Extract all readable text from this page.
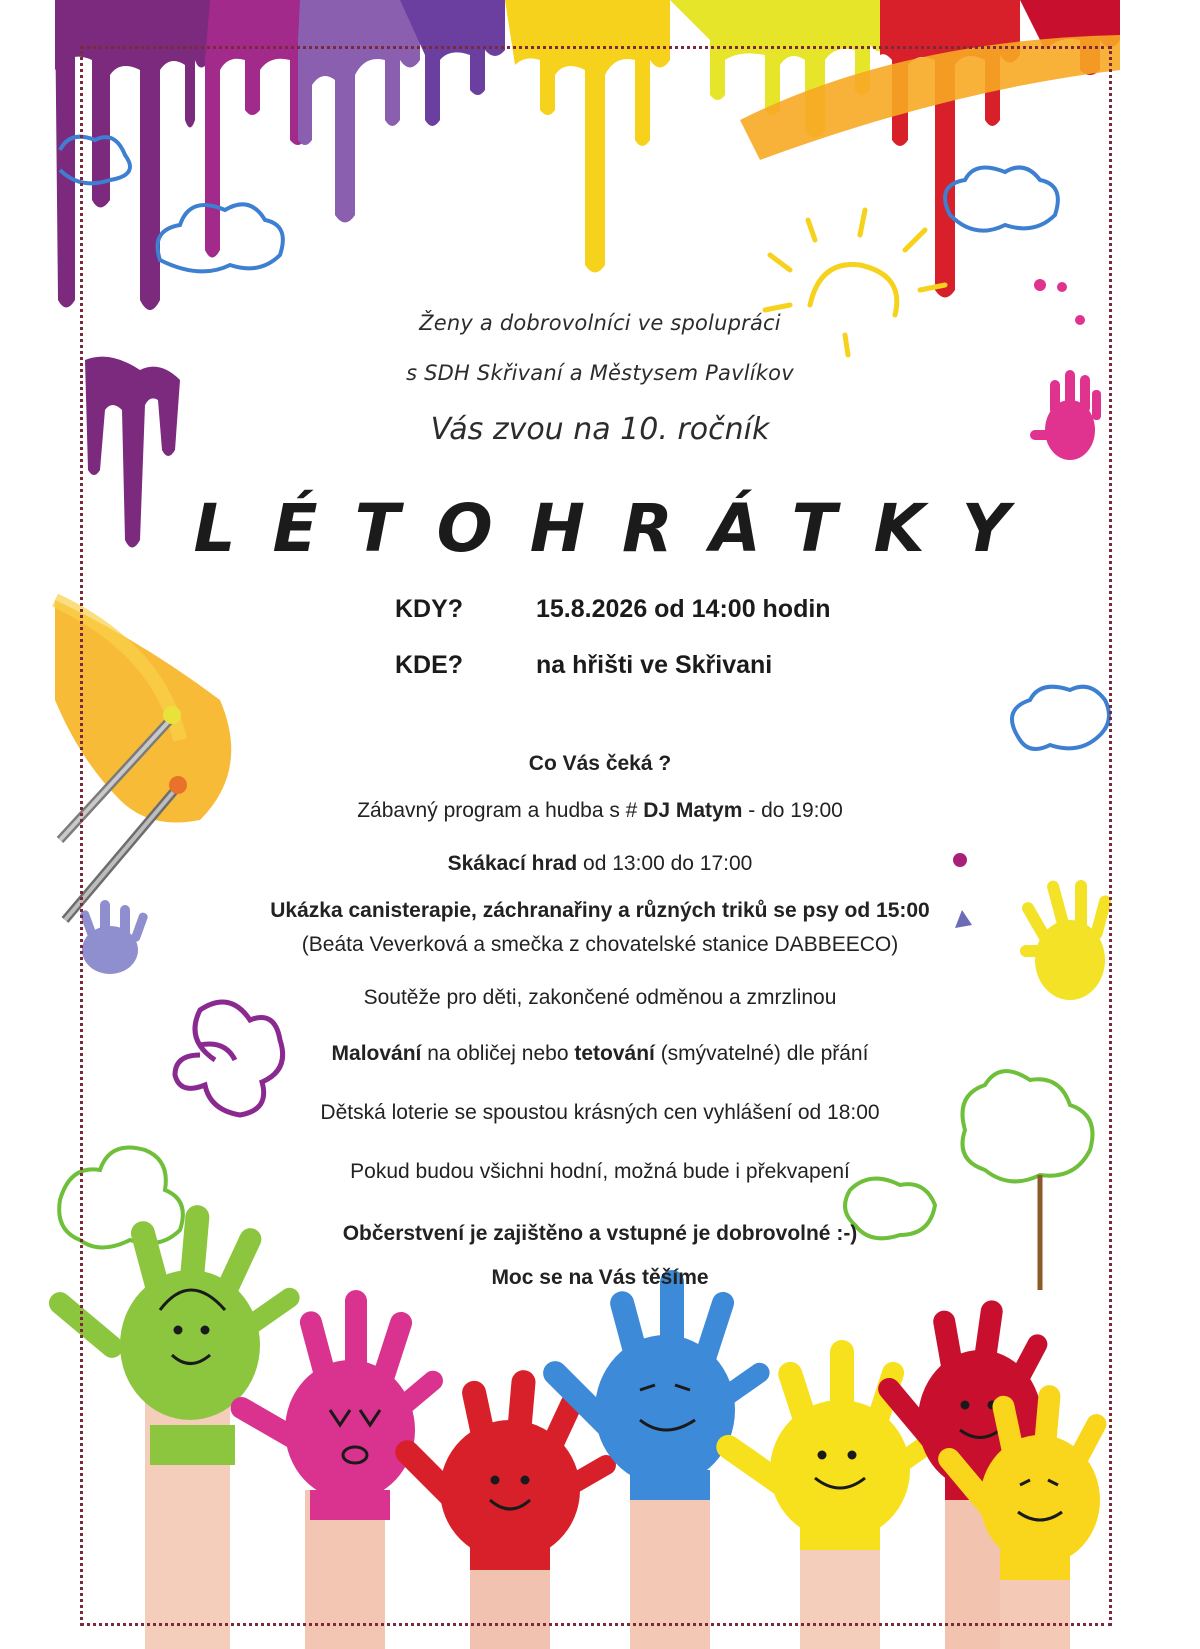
Ženy a dobrovolníci ve spolupráci
s SDH Skřivaní a Městysem Pavlíkov
Vás zvou na 10. ročník
LÉTOHRÁTKY
KDY?	15.8.2026 od 14:00 hodin
KDE?	na hřišti ve Skřivani
Co Vás čeká ?
Zábavný program a hudba s # DJ Matym - do 19:00
Skákací hrad od 13:00 do 17:00
Ukázka canisterapie, záchranařiny a různých triků se psy od 15:00
(Beáta Veverková a smečka z chovatelské stanice DABBEECO)
Soutěže pro děti, zakončené odměnou a zmrzlinou
Malování na obličej nebo tetování (smývatelné) dle přání
Dětská loterie se spoustou krásných cen vyhlášení od 18:00
Pokud budou všichni hodní, možná bude i překvapení
Občerstvení je zajištěno a vstupné je dobrovolné :-)
Moc se na Vás těšíme
